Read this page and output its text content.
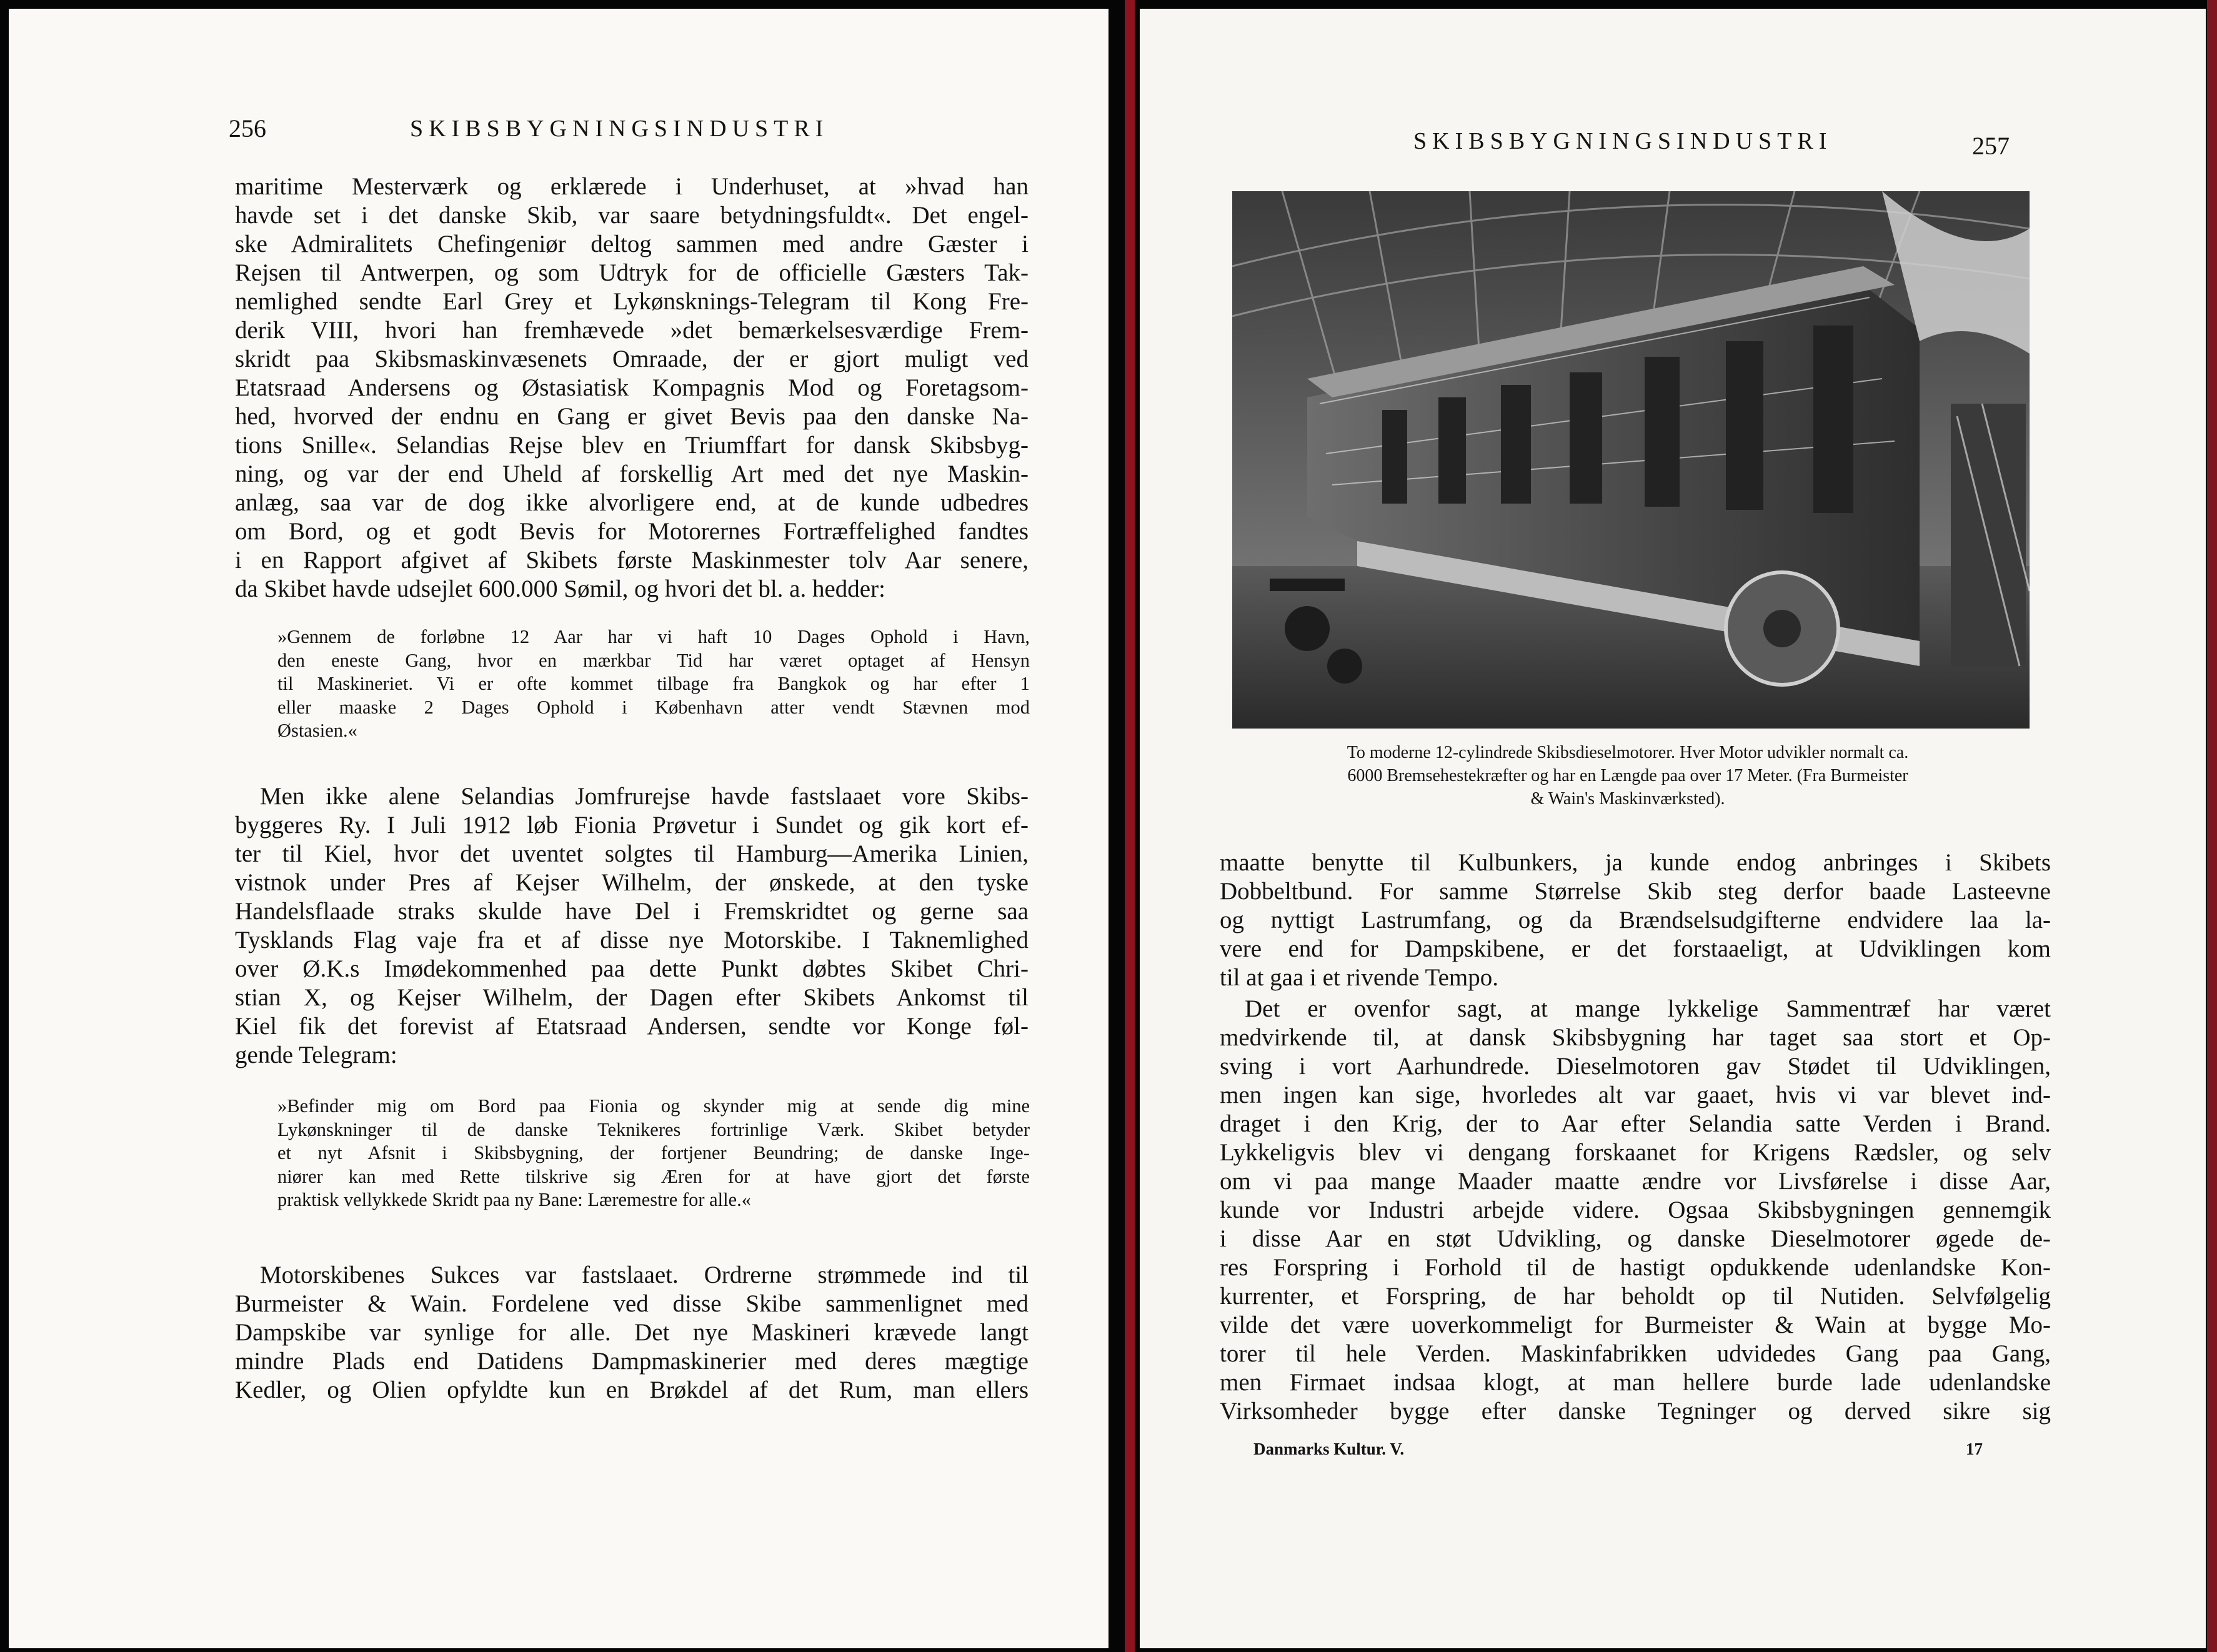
256	SKIBSBYGNINGSINDUSTRI
maritime Mesterværk og erklærede i Underhuset, at »hvad han
havde set i det danske Skib, var saare betydningsfuldt«. Det engel-
ske Admiralitets Chefingeniør deltog sammen med andre Gæster i
Rejsen til Antwerpen, og som Udtryk for de officielle Gæsters Tak-
nemlighed sendte Earl Grey et Lykønsknings-Telegram til Kong Fre-
derik VIII, hvori han fremhævede »det bemærkelsesværdige Frem-
skridt paa Skibsmaskinvæsenets Omraade, der er gjort muligt ved
Etatsraad Andersens og Østasiatisk Kompagnis Mod og Foretagsom-
hed, hvorved der endnu en Gang er givet Bevis paa den danske Na-
tions Snille«. Selandias Rejse blev en Triumffart for dansk Skibsbyg-
ning, og var der end Uheld af forskellig Art med det nye Maskin-
anlæg, saa var de dog ikke alvorligere end, at de kunde udbedres
om Bord, og et godt Bevis for Motorernes Fortræffelighed fandtes
i en Rapport afgivet af Skibets første Maskinmester tolv Aar senere,
da Skibet havde udsejlet 600.000 Sømil, og hvori det bl. a. hedder:
»Gennem de forløbne 12 Aar har vi haft 10 Dages Ophold i Havn,
den eneste Gang, hvor en mærkbar Tid har været optaget af Hensyn
til Maskineriet. Vi er ofte kommet tilbage fra Bangkok og har efter 1
eller maaske 2 Dages Ophold i København atter vendt Stævnen mod
Østasien.«
Men ikke alene Selandias Jomfrurejse havde fastslaaet vore Skibs-
byggeres Ry. I Juli 1912 løb Fionia Prøvetur i Sundet og gik kort ef-
ter til Kiel, hvor det uventet solgtes til Hamburg—Amerika Linien,
vistnok under Pres af Kejser Wilhelm, der ønskede, at den tyske
Handelsflaade straks skulde have Del i Fremskridtet og gerne saa
Tysklands Flag vaje fra et af disse nye Motorskibe. I Taknemlighed
over Ø.K.s Imødekommenhed paa dette Punkt døbtes Skibet Chri-
stian X, og Kejser Wilhelm, der Dagen efter Skibets Ankomst til
Kiel fik det forevist af Etatsraad Andersen, sendte vor Konge føl-
gende Telegram:
»Befinder mig om Bord paa Fionia og skynder mig at sende dig mine
Lykønskninger til de danske Teknikeres fortrinlige Værk. Skibet betyder
et nyt Afsnit i Skibsbygning, der fortjener Beundring; de danske Inge-
niører kan med Rette tilskrive sig Æren for at have gjort det første
praktisk vellykkede Skridt paa ny Bane: Læremestre for alle.«
Motorskibenes Sukces var fastslaaet. Ordrerne strømmede ind til
Burmeister & Wain. Fordelene ved disse Skibe sammenlignet med
Dampskibe var synlige for alle. Det nye Maskineri krævede langt
mindre Plads end Datidens Dampmaskinerier med deres mægtige
Kedler, og Olien opfyldte kun en Brøkdel af det Rum, man ellers
SKIBSBYGNINGSINDUSTRI	257
To moderne 12-cylindrede Skibsdieselmotorer. Hver Motor udvikler normalt ca.
6000 Bremsehestekræfter og har en Længde paa over 17 Meter. (Fra Burmeister
& Wain's Maskinværksted).
maatte benytte til Kulbunkers, ja kunde endog anbringes i Skibets
Dobbeltbund. For samme Størrelse Skib steg derfor baade Lasteevne
og nyttigt Lastrumfang, og da Brændselsudgifterne endvidere laa la-
vere end for Dampskibene, er det forstaaeligt, at Udviklingen kom
til at gaa i et rivende Tempo.
Det er ovenfor sagt, at mange lykkelige Sammentræf har været
medvirkende til, at dansk Skibsbygning har taget saa stort et Op-
sving i vort Aarhundrede. Dieselmotoren gav Stødet til Udviklingen,
men ingen kan sige, hvorledes alt var gaaet, hvis vi var blevet ind-
draget i den Krig, der to Aar efter Selandia satte Verden i Brand.
Lykkeligvis blev vi dengang forskaanet for Krigens Rædsler, og selv
om vi paa mange Maader maatte ændre vor Livsførelse i disse Aar,
kunde vor Industri arbejde videre. Ogsaa Skibsbygningen gennemgik
i disse Aar en støt Udvikling, og danske Dieselmotorer øgede de-
res Forspring i Forhold til de hastigt opdukkende udenlandske Kon-
kurrenter, et Forspring, de har beholdt op til Nutiden. Selvfølgelig
vilde det være uoverkommeligt for Burmeister & Wain at bygge Mo-
torer til hele Verden. Maskinfabrikken udvidedes Gang paa Gang,
men Firmaet indsaa klogt, at man hellere burde lade udenlandske
Virksomheder bygge efter danske Tegninger og derved sikre sig
Danmarks Kultur. V.	17
